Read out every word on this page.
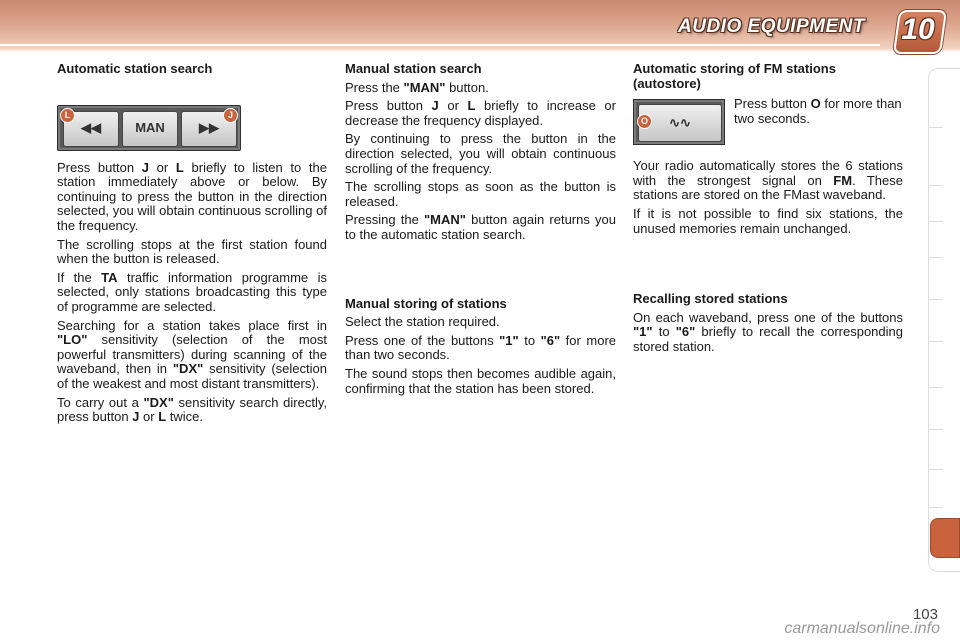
AUDIO EQUIPMENT 10
Automatic station search
◀◀	MAN	▶▶
L	J

Press button J or L briefly to listen to the station immediately above or below. By continuing to press the button in the direction selected, you will obtain continuous scrolling of the frequency.

The scrolling stops at the first station found when the button is released.

If the TA traffic information programme is selected, only stations broadcasting this type of programme are selected.

Searching for a station takes place first in "LO" sensitivity (selection of the most powerful transmitters) during scanning of the waveband, then in "DX" sensitivity (selection of the weakest and most distant transmitters).

To carry out a "DX" sensitivity search directly, press button J or L twice.

Manual station search

Press the "MAN" button.

Press button J or L briefly to increase or decrease the frequency displayed.

By continuing to press the button in the direction selected, you will obtain continuous scrolling of the frequency.

The scrolling stops as soon as the button is released.

Pressing the "MAN" button again returns you to the automatic station search.

Manual storing of stations

Select the station required.

Press one of the buttons "1" to "6" for more than two seconds.

The sound stops then becomes audible again, confirming that the station has been stored.

Automatic storing of FM stations (autostore)
∿∿
O

Press button O for more than two seconds.

Your radio automatically stores the 6 stations with the strongest signal on FM. These stations are stored on the FMast waveband.

If it is not possible to find six stations, the unused memories remain unchanged.

Recalling stored stations

On each waveband, press one of the buttons "1" to "6" briefly to recall the corresponding stored station.

103
carmanualsonline.info
